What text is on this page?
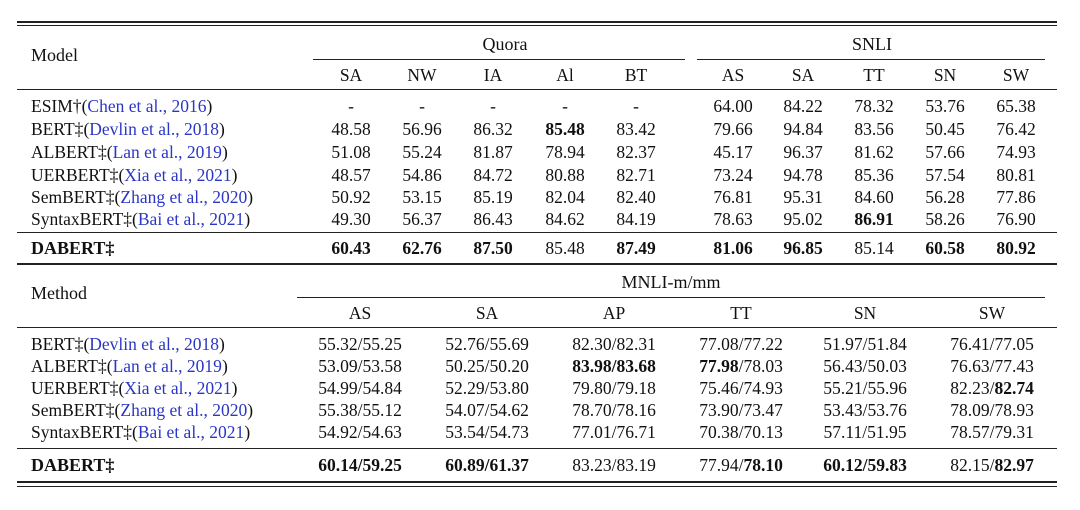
Model
Quora	SNLI
SA	NW	IA	Al	BT	AS	SA	TT	SN	SW
ESIM†(Chen et al., 2016)	-	-	-	-	-	64.00 84.22 78.32 53.76 65.38
BERT‡(Devlin et al., 2018)	48.58 56.96 86.32 85.48 83.42	79.66 94.84 83.56 50.45 76.42
ALBERT‡(Lan et al., 2019)	51.08 55.24 81.87 78.94 82.37	45.17 96.37 81.62 57.66 74.93
UERBERT‡(Xia et al., 2021)	48.57 54.86 84.72 80.88 82.71	73.24 94.78 85.36 57.54 80.81
SemBERT‡(Zhang et al., 2020)	50.92 53.15 85.19 82.04 82.40	76.81 95.31 84.60 56.28 77.86
SyntaxBERT‡(Bai et al., 2021)	49.30 56.37 86.43 84.62 84.19	78.63 95.02 86.91 58.26 76.90
DABERT‡	60.43 62.76 87.50 85.48 87.49	81.06 96.85 85.14 60.58 80.92
Method
MNLI-m/mm
AS	SA	AP	TT	SN	SW
BERT‡(Devlin et al., 2018)	55.32/55.25 52.76/55.69 82.30/82.31 77.08/77.22 51.97/51.84 76.41/77.05
ALBERT‡(Lan et al., 2019)	53.09/53.58 50.25/50.20 83.98/83.68 77.98/78.03 56.43/50.03 76.63/77.43
UERBERT‡(Xia et al., 2021)	54.99/54.84 52.29/53.80 79.80/79.18 75.46/74.93 55.21/55.96 82.23/82.74
SemBERT‡(Zhang et al., 2020)	55.38/55.12 54.07/54.62 78.70/78.16 73.90/73.47 53.43/53.76 78.09/78.93
SyntaxBERT‡(Bai et al., 2021)	54.92/54.63 53.54/54.73 77.01/76.71 70.38/70.13 57.11/51.95 78.57/79.31
DABERT‡	60.14/59.25 60.89/61.37 83.23/83.19 77.94/78.10 60.12/59.83 82.15/82.97
